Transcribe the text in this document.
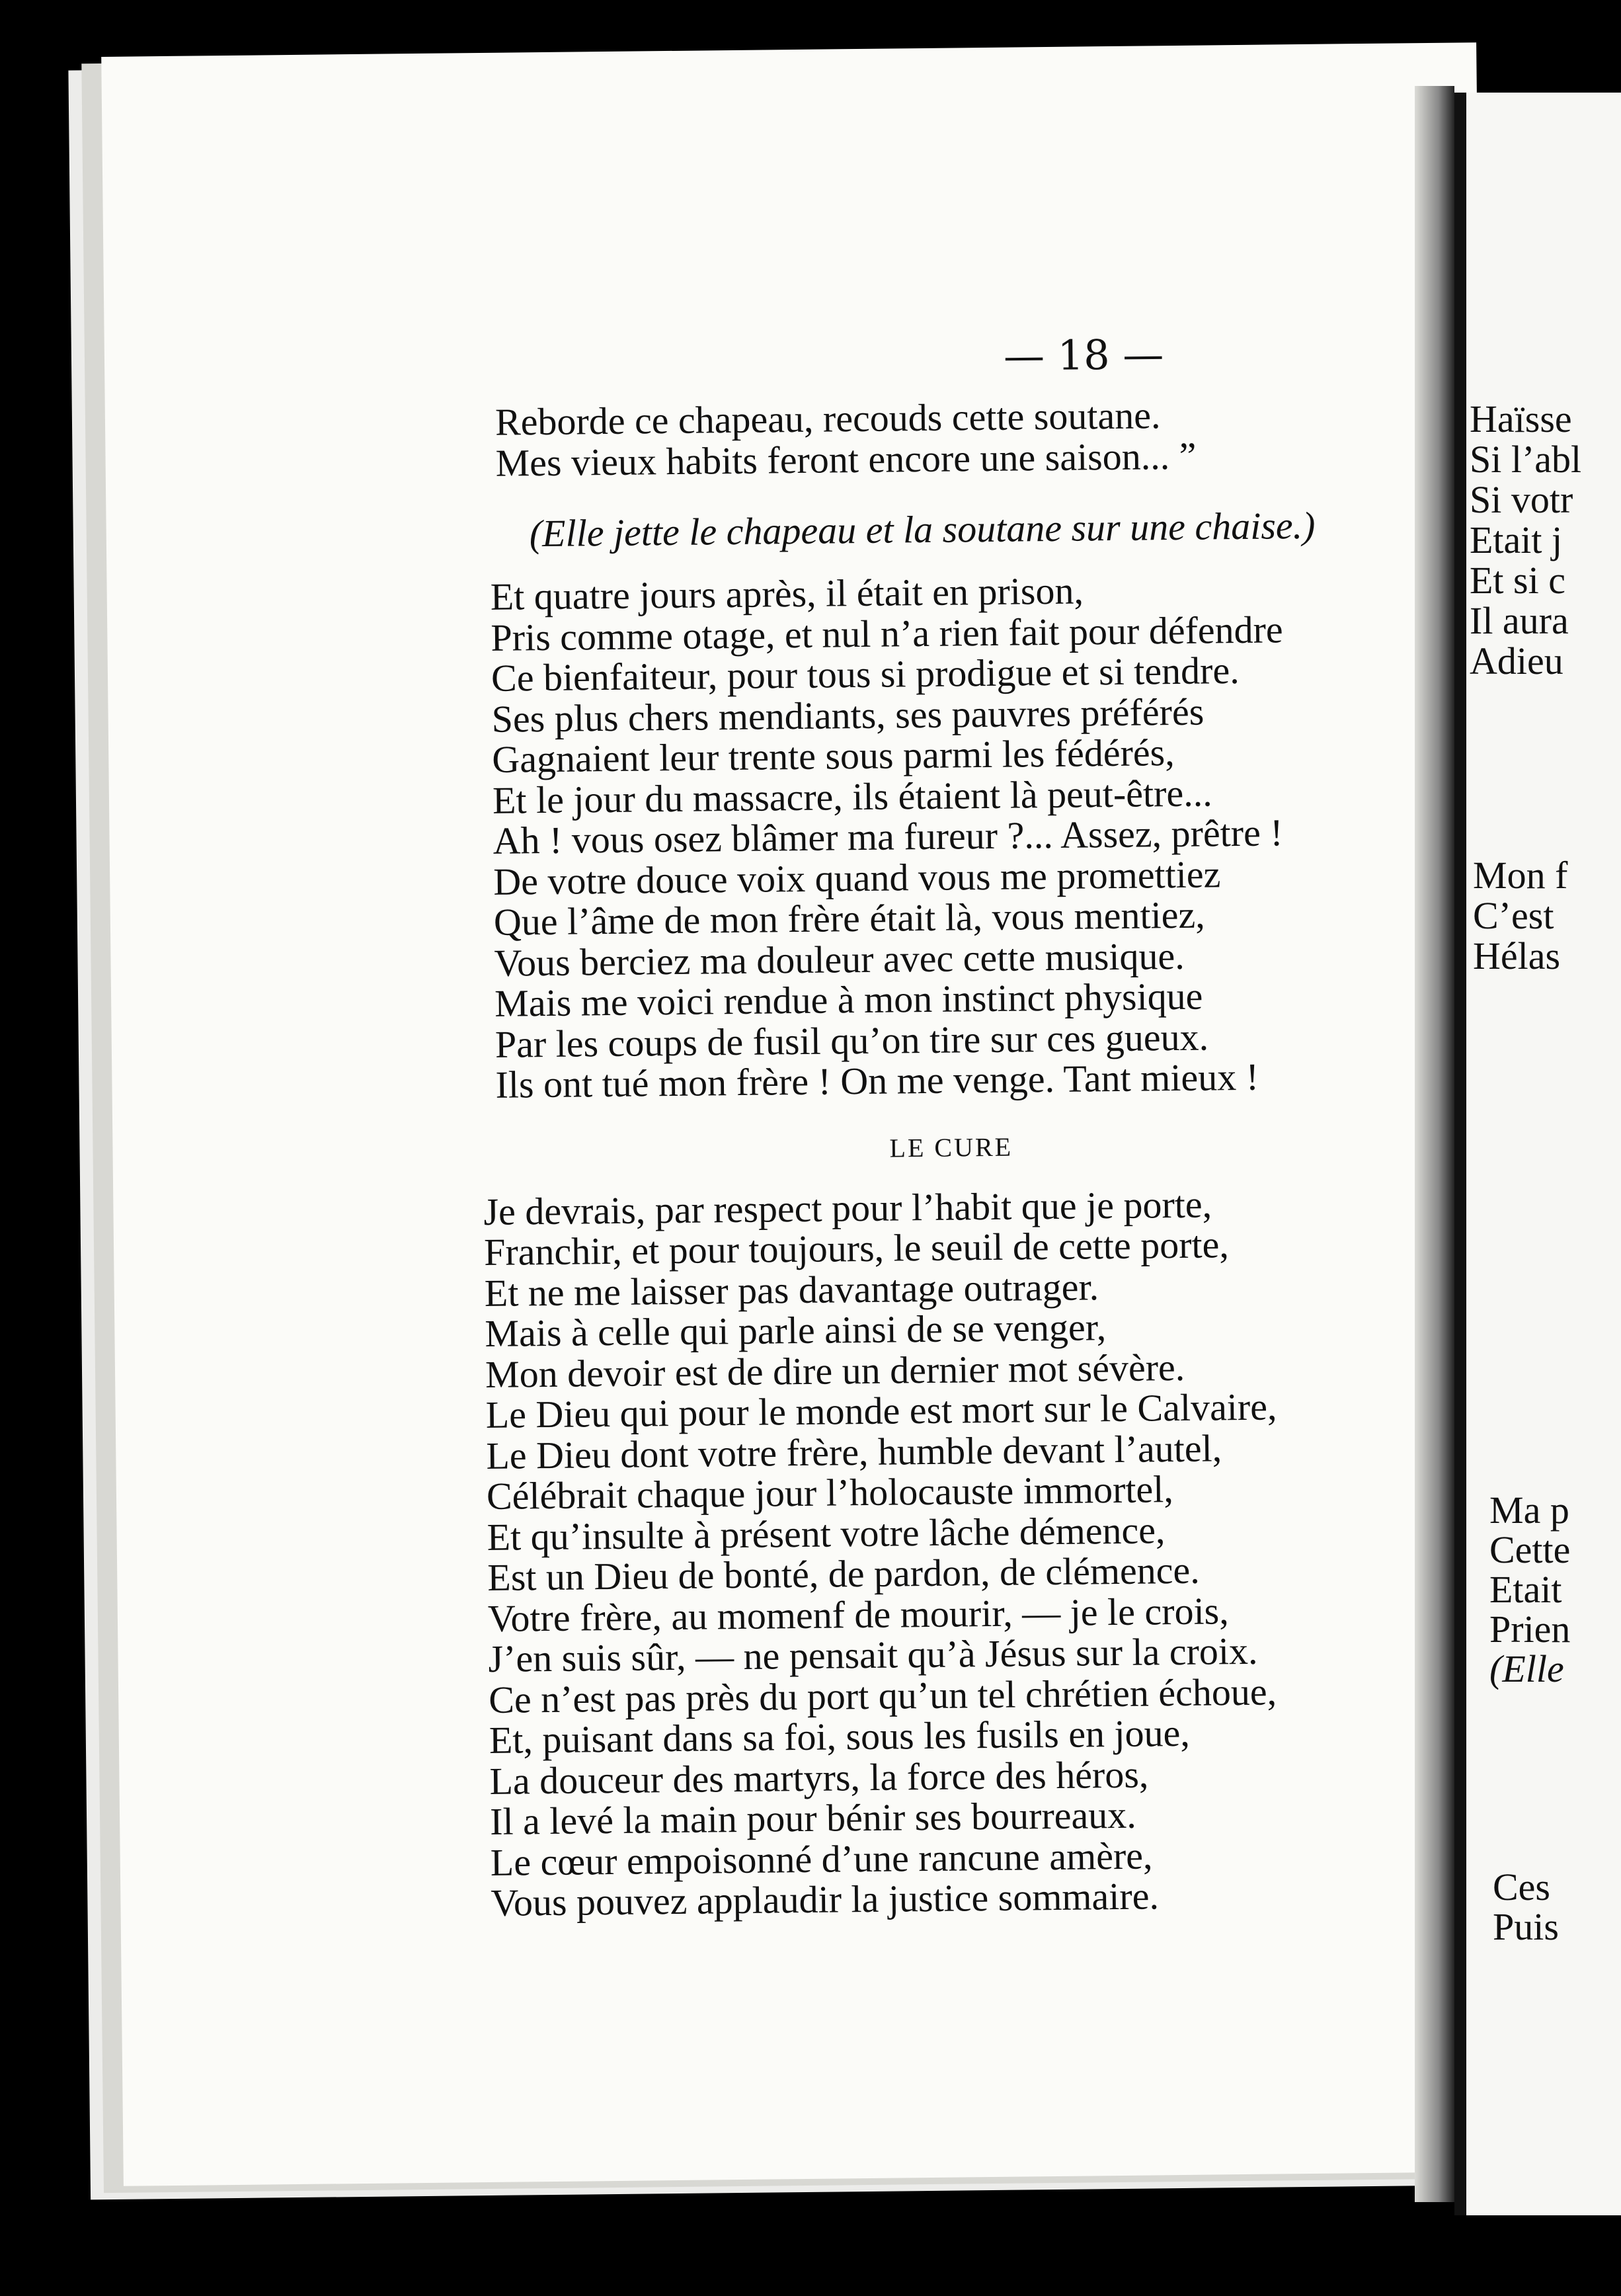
— 18 —
Reborde ce chapeau, recouds cette soutane.
Mes vieux habits feront encore une saison... ”
(Elle jette le chapeau et la soutane sur une chaise.)
Et quatre jours après, il était en prison,
Pris comme otage, et nul n’a rien fait pour défendre
Ce bienfaiteur, pour tous si prodigue et si tendre.
Ses plus chers mendiants, ses pauvres préférés
Gagnaient leur trente sous parmi les fédérés,
Et le jour du massacre, ils étaient là peut-être...
Ah ! vous osez blâmer ma fureur ?... Assez, prêtre !
De votre douce voix quand vous me promettiez
Que l’âme de mon frère était là, vous mentiez,
Vous berciez ma douleur avec cette musique.
Mais me voici rendue à mon instinct physique
Par les coups de fusil qu’on tire sur ces gueux.
Ils ont tué mon frère ! On me venge. Tant mieux !
LE CURE
Je devrais, par respect pour l’habit que je porte,
Franchir, et pour toujours, le seuil de cette porte,
Et ne me laisser pas davantage outrager.
Mais à celle qui parle ainsi de se venger,
Mon devoir est de dire un dernier mot sévère.
Le Dieu qui pour le monde est mort sur le Calvaire,
Le Dieu dont votre frère, humble devant l’autel,
Célébrait chaque jour l’holocauste immortel,
Et qu’insulte à présent votre lâche démence,
Est un Dieu de bonté, de pardon, de clémence.
Votre frère, au momenf de mourir, — je le crois,
J’en suis sûr, — ne pensait qu’à Jésus sur la croix.
Ce n’est pas près du port qu’un tel chrétien échoue,
Et, puisant dans sa foi, sous les fusils en joue,
La douceur des martyrs, la force des héros,
Il a levé la main pour bénir ses bourreaux.
Le cœur empoisonné d’une rancune amère,
Vous pouvez applaudir la justice sommaire.
Haïsse
Si l’abl
Si votr
Etait j
Et si c
Il aura
Adieu
Mon f
C’est
Hélas
Ma p
Cette
Etait
Prien
(Elle
Ces
Puis
